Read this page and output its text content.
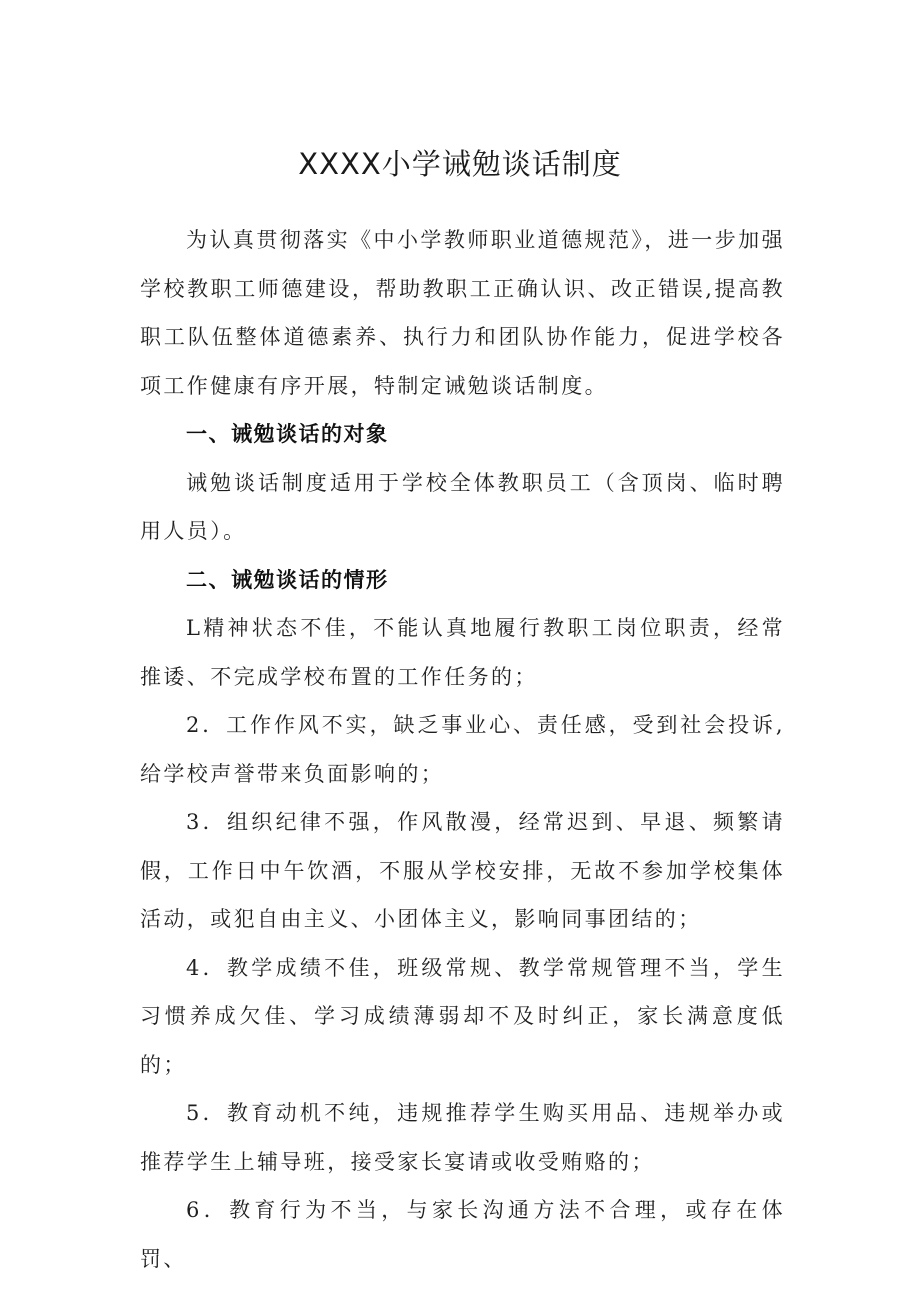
XXXX小学诫勉谈话制度

为认真贯彻落实《中小学教师职业道德规范》，进一步加强学校教职工师德建设，帮助教职工正确认识、改正错误,提高教职工队伍整体道德素养、执行力和团队协作能力，促进学校各项工作健康有序开展，特制定诫勉谈话制度。

一、诫勉谈话的对象

诫勉谈话制度适用于学校全体教职员工（含顶岗、临时聘用人员）。

二、诫勉谈话的情形

L精神状态不佳，不能认真地履行教职工岗位职责，经常推诿、不完成学校布置的工作任务的；

2．工作作风不实，缺乏事业心、责任感，受到社会投诉,给学校声誉带来负面影响的；

3．组织纪律不强，作风散漫，经常迟到、早退、频繁请假，工作日中午饮酒，不服从学校安排，无故不参加学校集体活动，或犯自由主义、小团体主义，影响同事团结的；

4．教学成绩不佳，班级常规、教学常规管理不当，学生习惯养成欠佳、学习成绩薄弱却不及时纠正，家长满意度低的；

5．教育动机不纯，违规推荐学生购买用品、违规举办或推荐学生上辅导班，接受家长宴请或收受贿赂的；

6．教育行为不当，与家长沟通方法不合理，或存在体罚、
